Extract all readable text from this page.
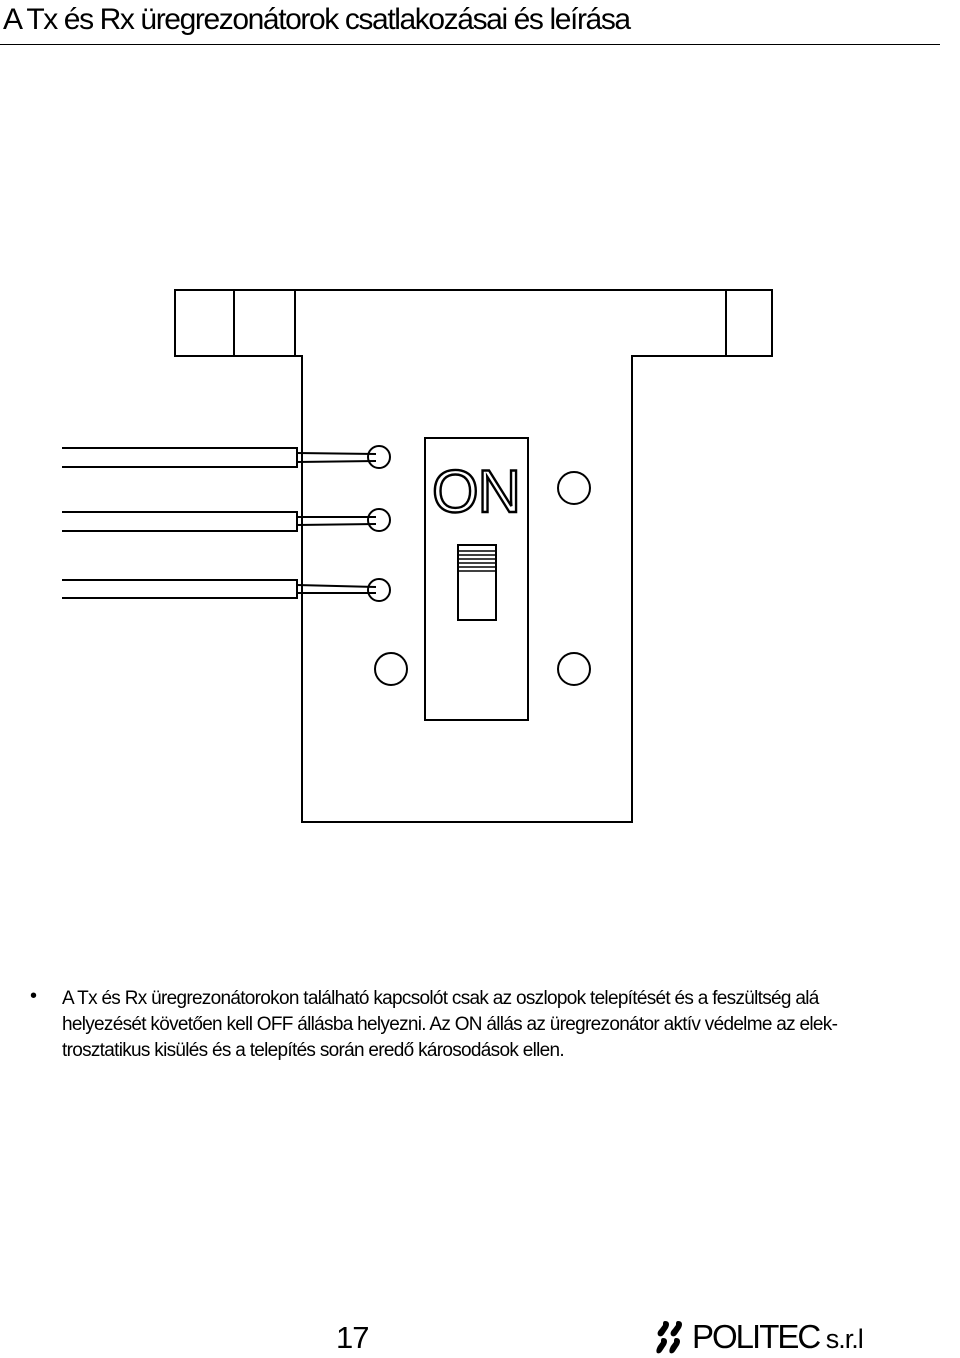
A Tx és Rx üregrezonátorok csatlakozásai és leírása
ON
• A Tx és Rx üregrezonátorokon található kapcsolót csak az oszlopok telepítését és a feszültség alá
helyezését követően kell OFF állásba helyezni. Az ON állás az üregrezonátor aktív védelme az elek-
trosztatikus kisülés és a telepítés során eredő károsodások ellen.
17	POLITEC s.r.l
